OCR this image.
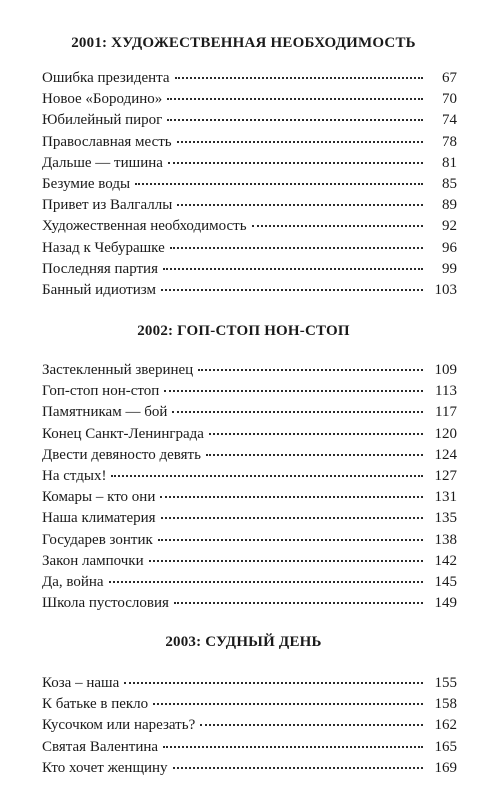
2001: ХУДОЖЕСТВЕННАЯ НЕОБХОДИМОСТЬ
Ошибка президента	67
Новое «Бородино»	70
Юбилейный пирог	74
Православная месть	78
Дальше — тишина	81
Безумие воды	85
Привет из Валгаллы	89
Художественная необходимость	92
Назад к Чебурашке	96
Последняя партия	99
Банный идиотизм	103
2002: ГОП-СТОП НОН-СТОП
Застекленный зверинец	109
Гоп-стоп нон-стоп	113
Памятникам — бой	117
Конец Санкт-Ленинграда	120
Двести девяносто девять	124
На стдых!	127
Комары – кто они	131
Наша климатерия	135
Государев зонтик	138
Закон лампочки	142
Да, война	145
Школа пустословия	149
2003: СУДНЫЙ ДЕНЬ
Коза – наша	155
К батьке в пекло	158
Кусочком или нарезать?	162
Святая Валентина	165
Кто хочет женщину	169
